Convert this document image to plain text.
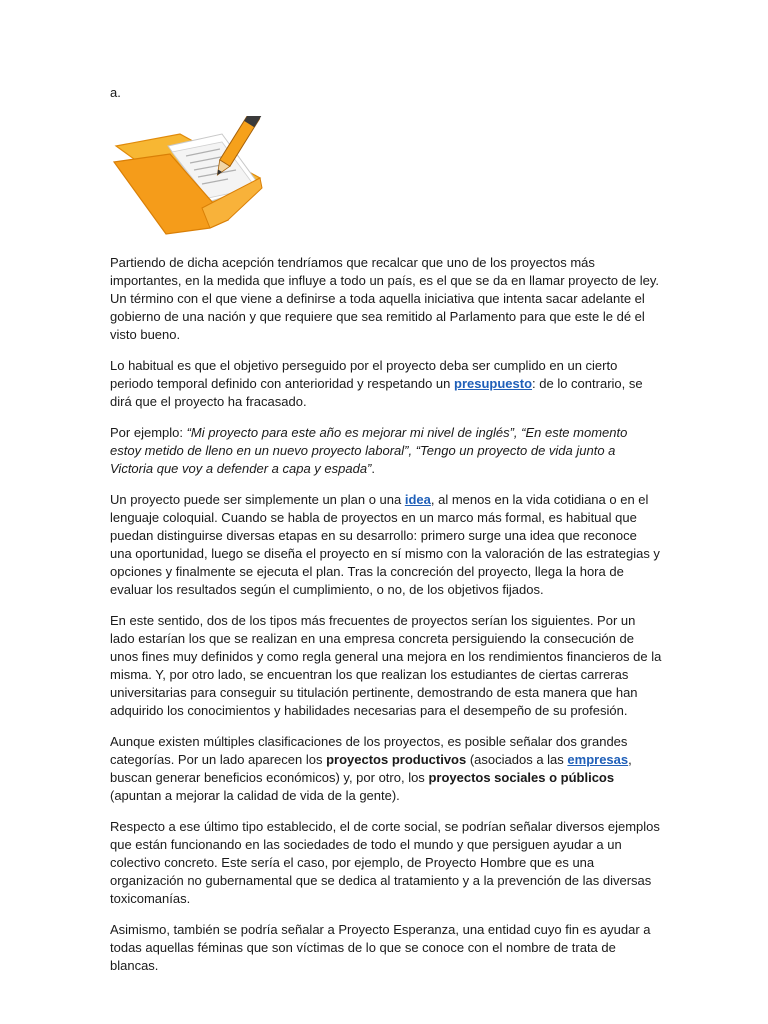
a.

Partiendo de dicha acepción tendríamos que recalcar que uno de los proyectos más importantes, en la medida que influye a todo un país, es el que se da en llamar proyecto de ley. Un término con el que viene a definirse a toda aquella iniciativa que intenta sacar adelante el gobierno de una nación y que requiere que sea remitido al Parlamento para que este le dé el visto bueno.

Lo habitual es que el objetivo perseguido por el proyecto deba ser cumplido en un cierto periodo temporal definido con anterioridad y respetando un presupuesto: de lo contrario, se dirá que el proyecto ha fracasado.

Por ejemplo: “Mi proyecto para este año es mejorar mi nivel de inglés”, “En este momento estoy metido de lleno en un nuevo proyecto laboral”, “Tengo un proyecto de vida junto a Victoria que voy a defender a capa y espada”.

Un proyecto puede ser simplemente un plan o una idea, al menos en la vida cotidiana o en el lenguaje coloquial. Cuando se habla de proyectos en un marco más formal, es habitual que puedan distinguirse diversas etapas en su desarrollo: primero surge una idea que reconoce una oportunidad, luego se diseña el proyecto en sí mismo con la valoración de las estrategias y opciones y finalmente se ejecuta el plan. Tras la concreción del proyecto, llega la hora de evaluar los resultados según el cumplimiento, o no, de los objetivos fijados.

En este sentido, dos de los tipos más frecuentes de proyectos serían los siguientes. Por un lado estarían los que se realizan en una empresa concreta persiguiendo la consecución de unos fines muy definidos y como regla general una mejora en los rendimientos financieros de la misma. Y, por otro lado, se encuentran los que realizan los estudiantes de ciertas carreras universitarias para conseguir su titulación pertinente, demostrando de esta manera que han adquirido los conocimientos y habilidades necesarias para el desempeño de su profesión.

Aunque existen múltiples clasificaciones de los proyectos, es posible señalar dos grandes categorías. Por un lado aparecen los proyectos productivos (asociados a las empresas, buscan generar beneficios económicos) y, por otro, los proyectos sociales o públicos (apuntan a mejorar la calidad de vida de la gente).

Respecto a ese último tipo establecido, el de corte social, se podrían señalar diversos ejemplos que están funcionando en las sociedades de todo el mundo y que persiguen ayudar a un colectivo concreto. Este sería el caso, por ejemplo, de Proyecto Hombre que es una organización no gubernamental que se dedica al tratamiento y a la prevención de las diversas toxicomanías.

Asimismo, también se podría señalar a Proyecto Esperanza, una entidad cuyo fin es ayudar a todas aquellas féminas que son víctimas de lo que se conoce con el nombre de trata de blancas.
